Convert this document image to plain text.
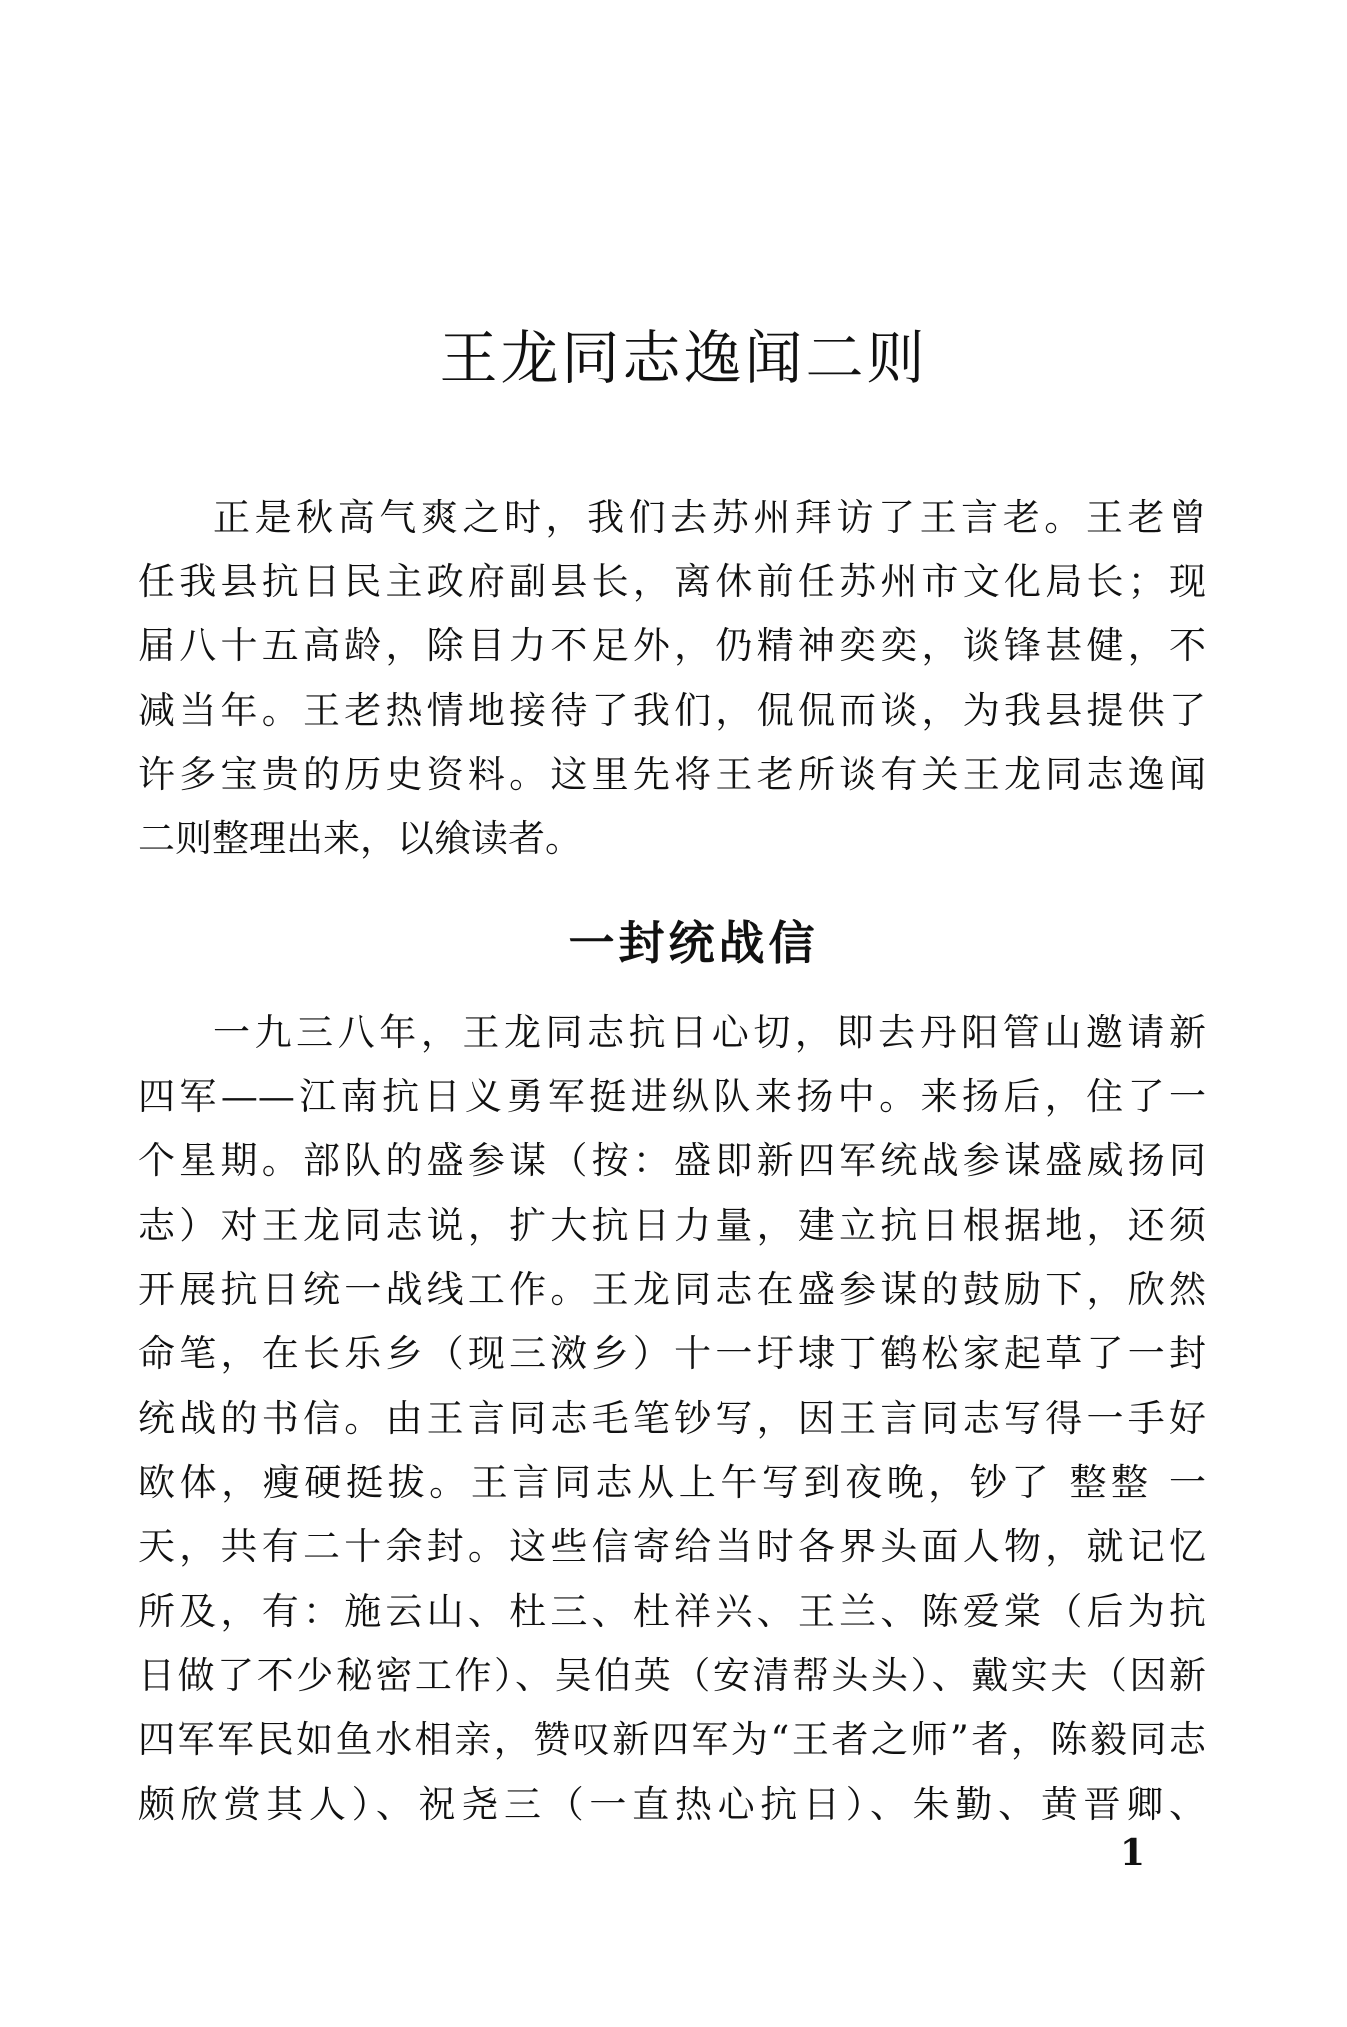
王龙同志逸闻二则

正是秋高气爽之时，我们去苏州拜访了王言老。王老曾

任我县抗日民主政府副县长，离休前任苏州市文化局长；现

届八十五高龄，除目力不足外，仍精神奕奕，谈锋甚健，不

减当年。王老热情地接待了我们，侃侃而谈，为我县提供了

许多宝贵的历史资料。这里先将王老所谈有关王龙同志逸闻

二则整理出来，以飨读者。

一封统战信

一九三八年，王龙同志抗日心切，即去丹阳管山邀请新

四军——江南抗日义勇军挺进纵队来扬中。来扬后，住了一

个星期。部队的盛参谋（按：盛即新四军统战参谋盛威扬同

志）对王龙同志说，扩大抗日力量，建立抗日根据地，还须

开展抗日统一战线工作。王龙同志在盛参谋的鼓励下，欣然

命笔，在长乐乡（现三滧乡）十一圩埭丁鹤松家起草了一封

统战的书信。由王言同志毛笔钞写，因王言同志写得一手好

欧体，瘦硬挺拔。王言同志从上午写到夜晚，钞了 整整 一

天，共有二十余封。这些信寄给当时各界头面人物，就记忆

所及，有：施云山、杜三、杜祥兴、王兰、陈爱棠（后为抗

日做了不少秘密工作）、吴伯英（安清帮头头）、戴实夫（因新

四军军民如鱼水相亲，赞叹新四军为“王者之师”者，陈毅同志

颇欣赏其人）、祝尧三（一直热心抗日）、朱勤、黄晋卿、

1
